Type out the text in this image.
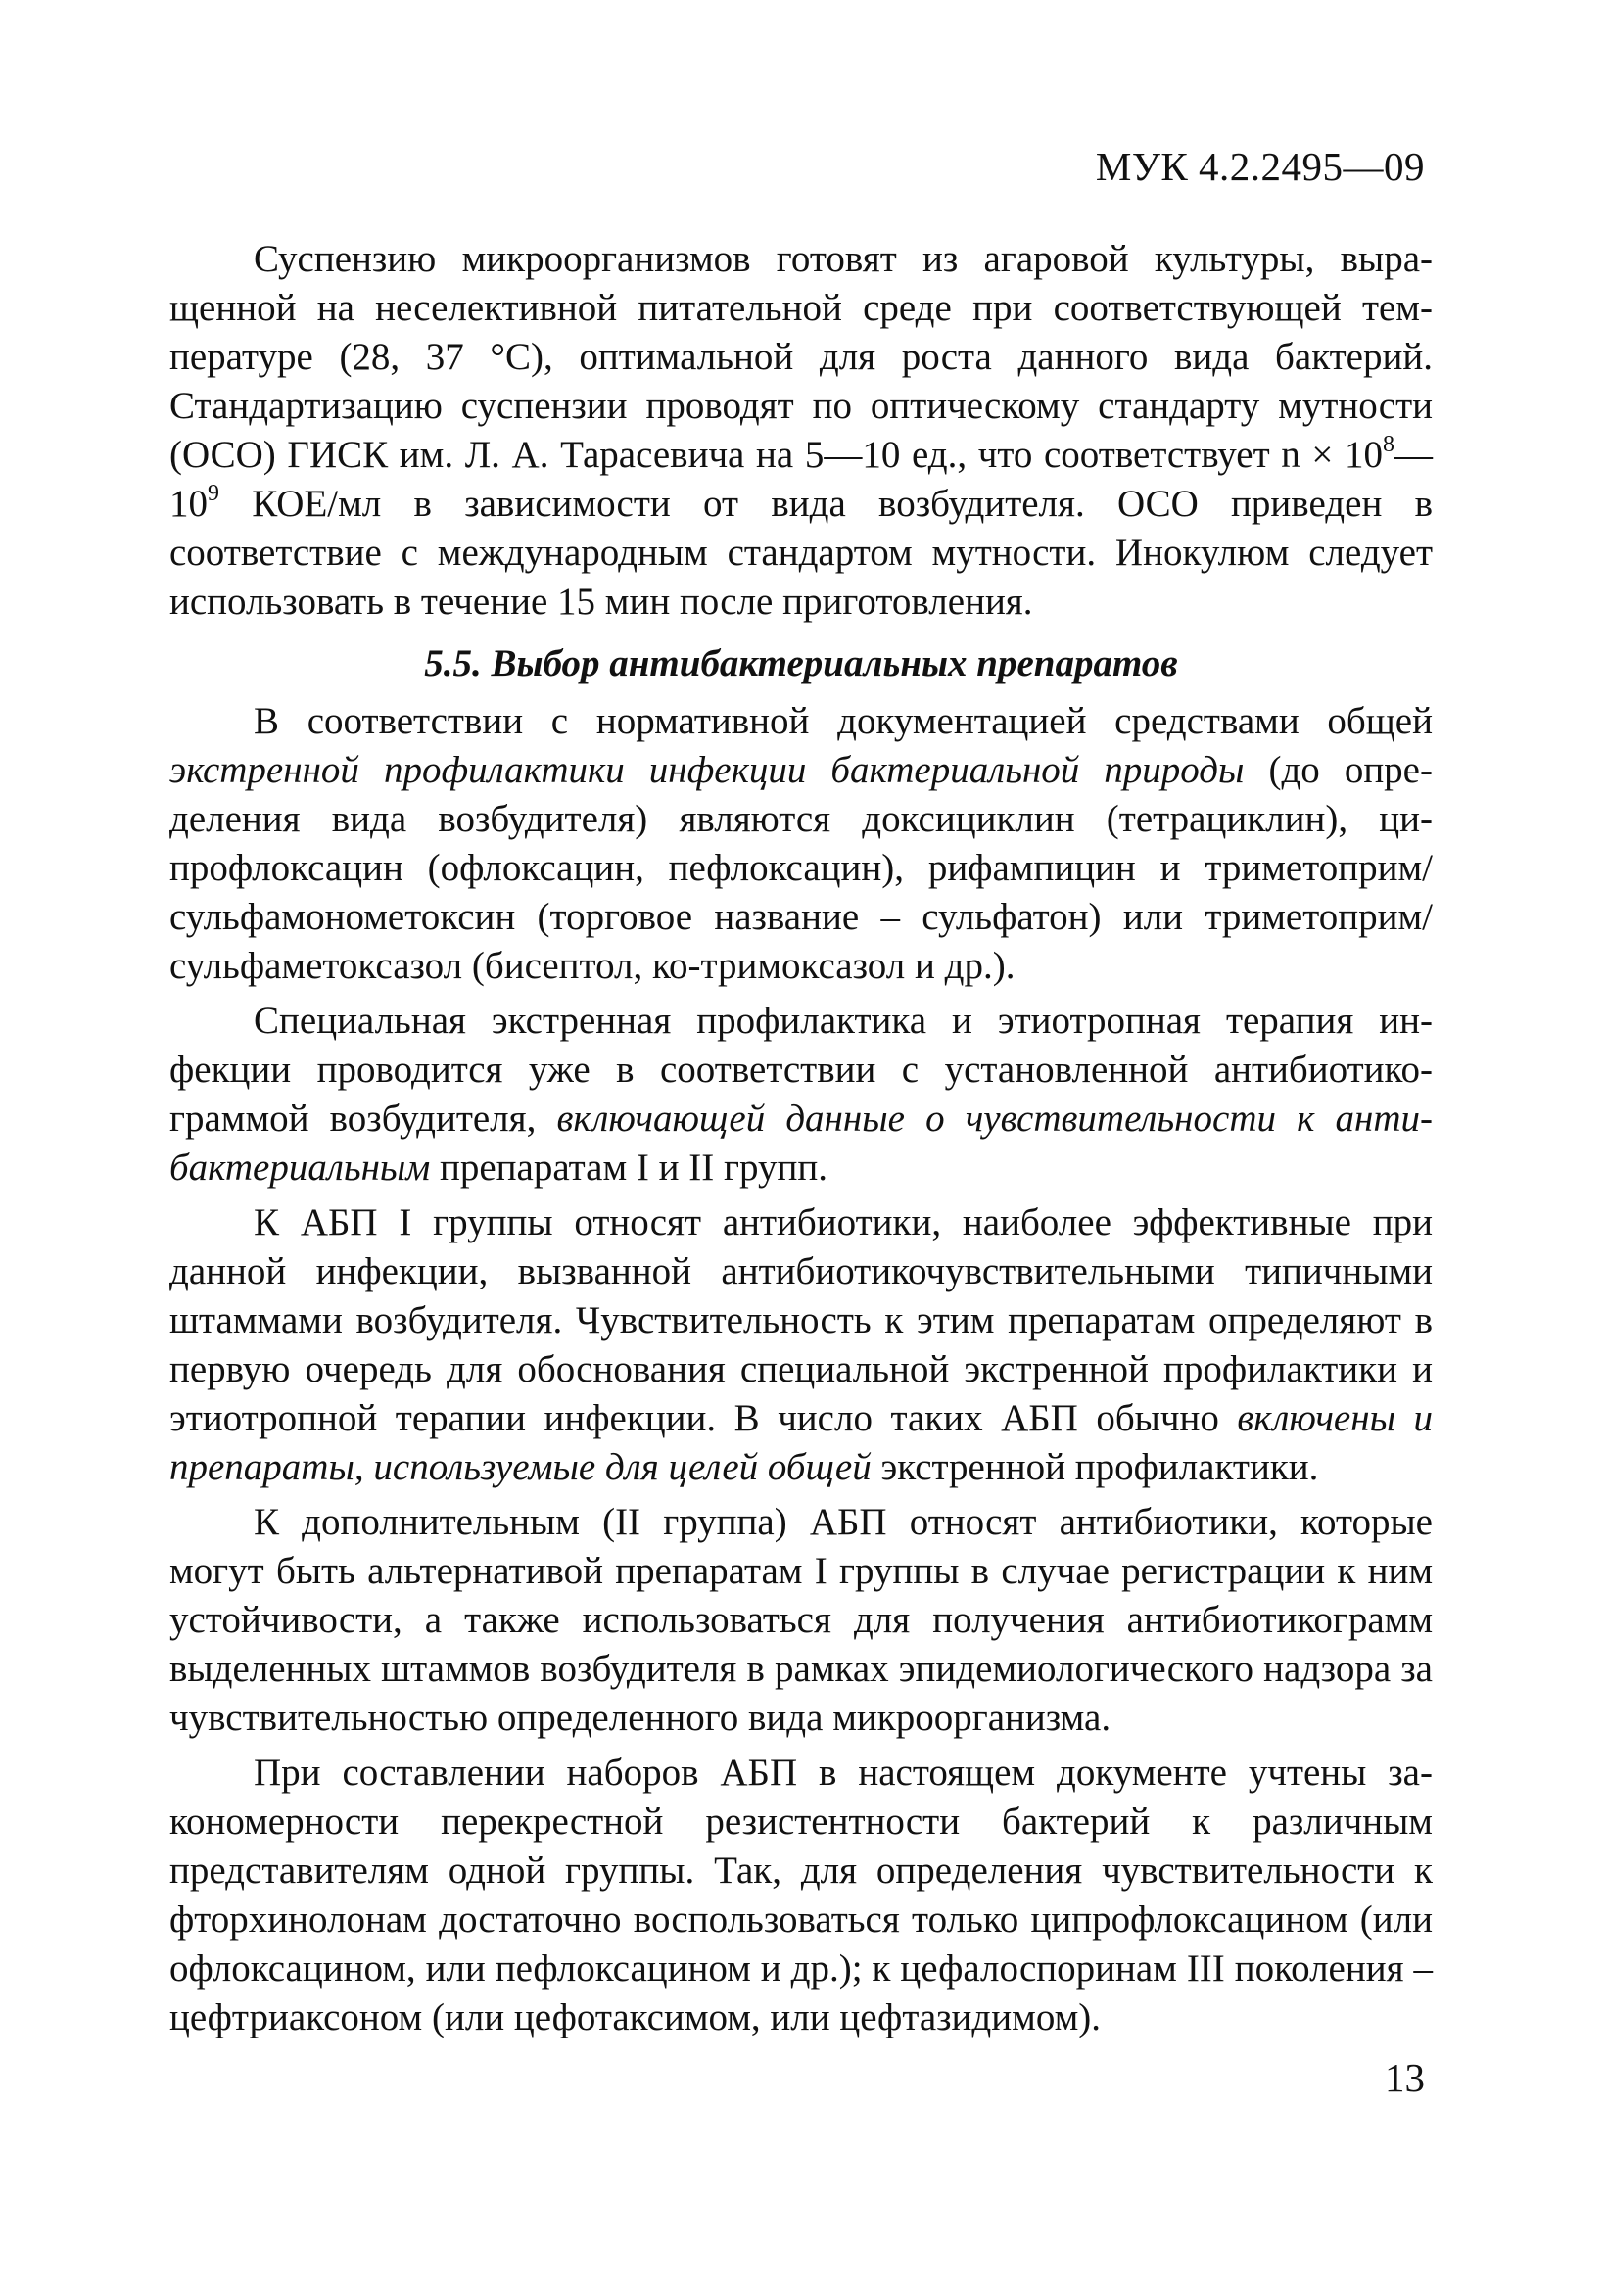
МУК 4.2.2495—09

Суспензию микроорганизмов готовят из агаровой культуры, выращенной на неселективной питательной среде при соответствующей температуре (28, 37 °С), оптимальной для роста данного вида бактерий. Стандартизацию суспензии проводят по оптическому стандарту мутности (ОСО) ГИСК им. Л. А. Тарасевича на 5—10 ед., что соответствует $n \times 10^8—10^9$ КОЕ/мл в зависимости от вида возбудителя. ОСО приведен в соответствие с международным стандартом мутности. Инокулюм следует использовать в течение 15 мин после приготовления.

5.5. Выбор антибактериальных препаратов

В соответствии с нормативной документацией средствами общей экстренной профилактики инфекции бактериальной природы (до определения вида возбудителя) являются доксициклин (тетрациклин), ципрофлоксацин (офлоксацин, пефлоксацин), рифампицин и триметоприм/сульфамонометоксин (торговое название – сульфатон) или триметоприм/сульфаметоксазол (бисептол, ко-тримоксазол и др.).

Специальная экстренная профилактика и этиотропная терапия инфекции проводится уже в соответствии с установленной антибиотикограммой возбудителя, включающей данные о чувствительности к антибактериальным препаратам I и II групп.

К АБП I группы относят антибиотики, наиболее эффективные при данной инфекции, вызванной антибиотикочувствительными типичными штаммами возбудителя. Чувствительность к этим препаратам определяют в первую очередь для обоснования специальной экстренной профилактики и этиотропной терапии инфекции. В число таких АБП обычно включены и препараты, используемые для целей общей экстренной профилактики.

К дополнительным (II группа) АБП относят антибиотики, которые могут быть альтернативой препаратам I группы в случае регистрации к ним устойчивости, а также использоваться для получения антибиотикограмм выделенных штаммов возбудителя в рамках эпидемиологического надзора за чувствительностью определенного вида микроорганизма.

При составлении наборов АБП в настоящем документе учтены закономерности перекрестной резистентности бактерий к различным представителям одной группы. Так, для определения чувствительности к фторхинолонам достаточно воспользоваться только ципрофлоксацином (или офлоксацином, или пефлоксацином и др.); к цефалоспоринам III поколения – цефтриаксоном (или цефотаксимом, или цефтазидимом).

13
